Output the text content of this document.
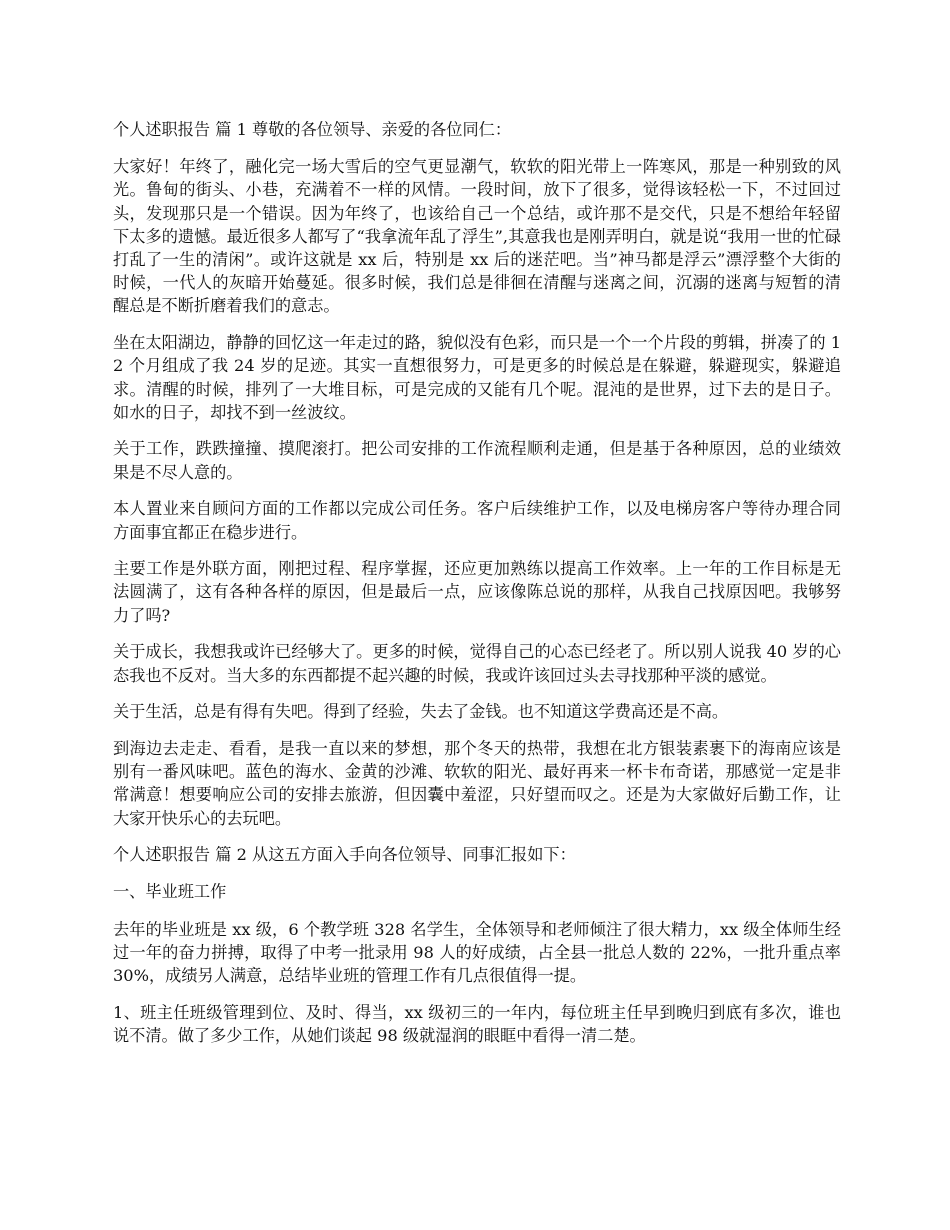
个人述职报告 篇 1 尊敬的各位领导、亲爱的各位同仁：

大家好！年终了，融化完一场大雪后的空气更显潮气，软软的阳光带上一阵寒风，那是一种别致的风光。鲁甸的街头、小巷，充满着不一样的风情。一段时间，放下了很多，觉得该轻松一下，不过回过头，发现那只是一个错误。因为年终了，也该给自己一个总结，或许那不是交代，只是不想给年轻留下太多的遗憾。最近很多人都写了“我拿流年乱了浮生”,其意我也是刚弄明白，就是说“我用一世的忙碌打乱了一生的清闲”。或许这就是 xx 后，特别是 xx 后的迷茫吧。当”神马都是浮云”漂浮整个大街的时候，一代人的灰暗开始蔓延。很多时候，我们总是徘徊在清醒与迷离之间，沉溺的迷离与短暂的清醒总是不断折磨着我们的意志。

坐在太阳湖边，静静的回忆这一年走过的路，貌似没有色彩，而只是一个一个片段的剪辑，拼凑了的 12 个月组成了我 24 岁的足迹。其实一直想很努力，可是更多的时候总是在躲避，躲避现实，躲避追求。清醒的时候，排列了一大堆目标，可是完成的又能有几个呢。混沌的是世界，过下去的是日子。如水的日子，却找不到一丝波纹。

关于工作，跌跌撞撞、摸爬滚打。把公司安排的工作流程顺利走通，但是基于各种原因，总的业绩效果是不尽人意的。

本人置业来自顾问方面的工作都以完成公司任务。客户后续维护工作，以及电梯房客户等待办理合同方面事宜都正在稳步进行。

主要工作是外联方面，刚把过程、程序掌握，还应更加熟练以提高工作效率。上一年的工作目标是无法圆满了，这有各种各样的原因，但是最后一点，应该像陈总说的那样，从我自己找原因吧。我够努力了吗?

关于成长，我想我或许已经够大了。更多的时候，觉得自己的心态已经老了。所以别人说我 40 岁的心态我也不反对。当大多的东西都提不起兴趣的时候，我或许该回过头去寻找那种平淡的感觉。

关于生活，总是有得有失吧。得到了经验，失去了金钱。也不知道这学费高还是不高。

到海边去走走、看看，是我一直以来的梦想，那个冬天的热带，我想在北方银装素裹下的海南应该是别有一番风味吧。蓝色的海水、金黄的沙滩、软软的阳光、最好再来一杯卡布奇诺，那感觉一定是非常满意！想要响应公司的安排去旅游，但因囊中羞涩，只好望而叹之。还是为大家做好后勤工作，让大家开快乐心的去玩吧。

个人述职报告 篇 2 从这五方面入手向各位领导、同事汇报如下：

一、毕业班工作

去年的毕业班是 xx 级，6 个教学班 328 名学生，全体领导和老师倾注了很大精力，xx 级全体师生经过一年的奋力拼搏，取得了中考一批录用 98 人的好成绩，占全县一批总人数的 22%，一批升重点率 30%，成绩另人满意，总结毕业班的管理工作有几点很值得一提。

1、班主任班级管理到位、及时、得当，xx 级初三的一年内，每位班主任早到晚归到底有多次，谁也说不清。做了多少工作，从她们谈起 98 级就湿润的眼眶中看得一清二楚。
